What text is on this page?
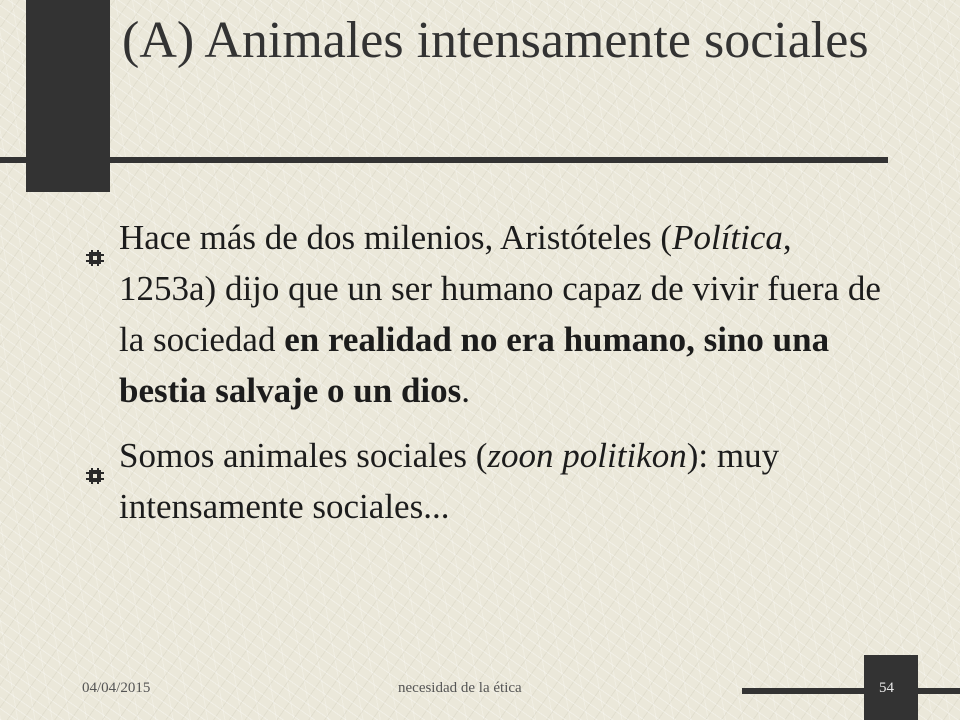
(A) Animales intensamente sociales
Hace más de dos milenios, Aristóteles (Política, 1253a) dijo que un ser humano capaz de vivir fuera de la sociedad en realidad no era humano, sino una bestia salvaje o un dios.
Somos animales sociales (zoon politikon): muy intensamente sociales...
04/04/2015	necesidad de la ética	54
